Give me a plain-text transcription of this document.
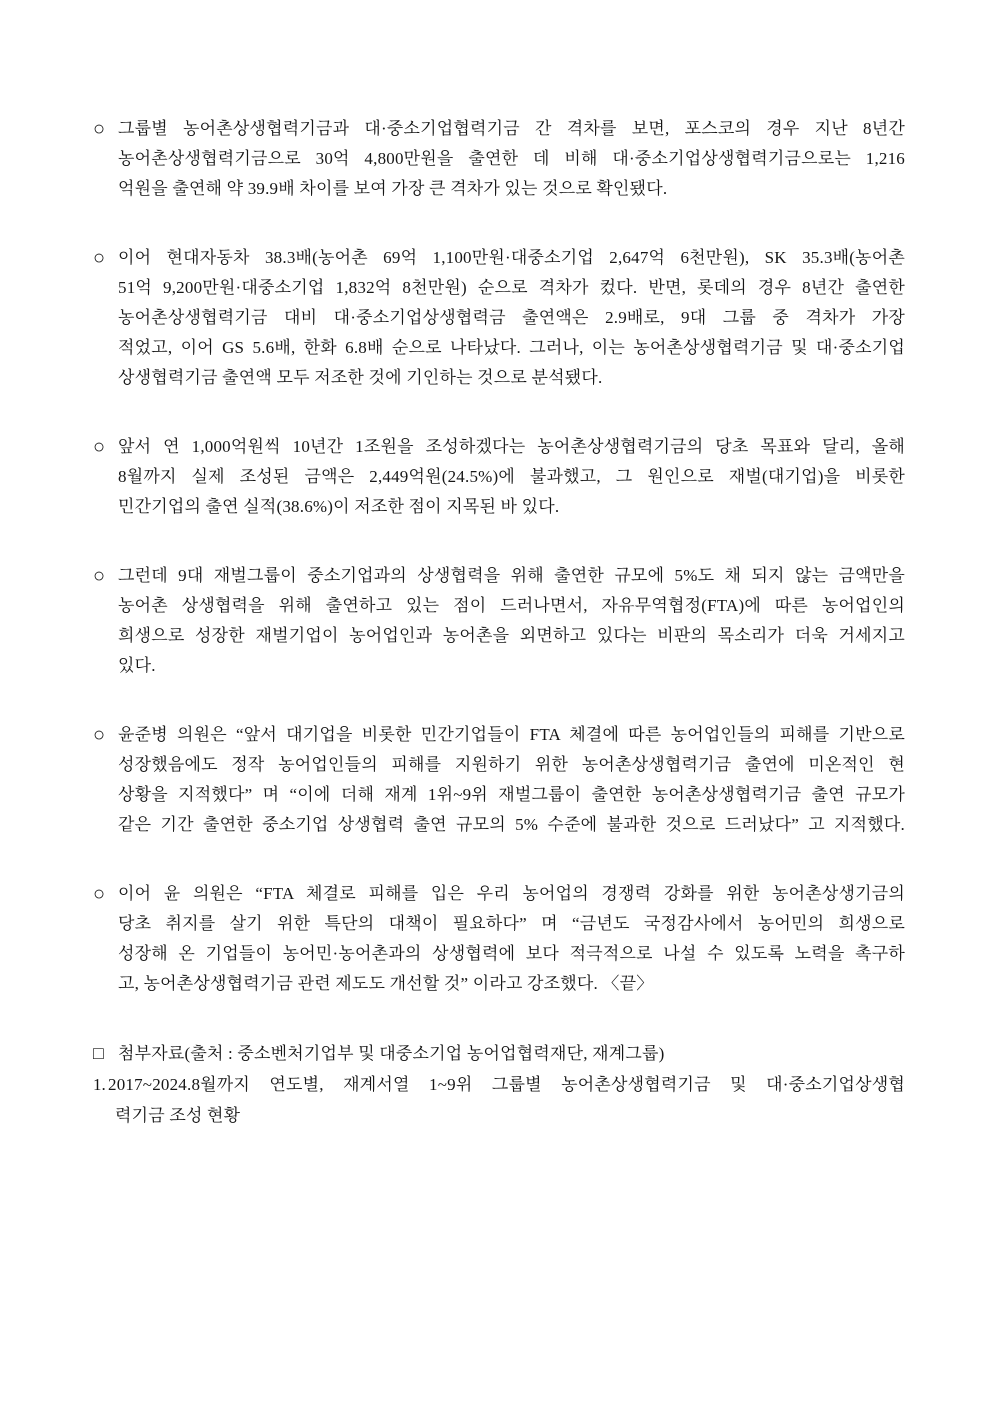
○ 그룹별 농어촌상생협력기금과 대·중소기업협력기금 간 격차를 보면, 포스코의 경우 지난 8년간
농어촌상생협력기금으로 30억 4,800만원을 출연한 데 비해 대·중소기업상생협력기금으로는 1,216
억원을 출연해 약 39.9배 차이를 보여 가장 큰 격차가 있는 것으로 확인됐다.
○ 이어 현대자동차 38.3배(농어촌 69억 1,100만원·대중소기업 2,647억 6천만원), SK 35.3배(농어촌
51억 9,200만원·대중소기업 1,832억 8천만원) 순으로 격차가 컸다. 반면, 롯데의 경우 8년간 출연한
농어촌상생협력기금 대비 대·중소기업상생협력금 출연액은 2.9배로, 9대 그룹 중 격차가 가장
적었고, 이어 GS 5.6배, 한화 6.8배 순으로 나타났다. 그러나, 이는 농어촌상생협력기금 및 대·중소기업
상생협력기금 출연액 모두 저조한 것에 기인하는 것으로 분석됐다.
○ 앞서 연 1,000억원씩 10년간 1조원을 조성하겠다는 농어촌상생협력기금의 당초 목표와 달리, 올해
8월까지 실제 조성된 금액은 2,449억원(24.5%)에 불과했고, 그 원인으로 재벌(대기업)을 비롯한
민간기업의 출연 실적(38.6%)이 저조한 점이 지목된 바 있다.
○ 그런데 9대 재벌그룹이 중소기업과의 상생협력을 위해 출연한 규모에 5%도 채 되지 않는 금액만을
농어촌 상생협력을 위해 출연하고 있는 점이 드러나면서, 자유무역협정(FTA)에 따른 농어업인의
희생으로 성장한 재벌기업이 농어업인과 농어촌을 외면하고 있다는 비판의 목소리가 더욱 거세지고
있다.
○ 윤준병 의원은 “앞서 대기업을 비롯한 민간기업들이 FTA 체결에 따른 농어업인들의 피해를 기반으로
성장했음에도 정작 농어업인들의 피해를 지원하기 위한 농어촌상생협력기금 출연에 미온적인 현
상황을 지적했다” 며 “이에 더해 재계 1위~9위 재벌그룹이 출연한 농어촌상생협력기금 출연 규모가
같은 기간 출연한 중소기업 상생협력 출연 규모의 5% 수준에 불과한 것으로 드러났다” 고 지적했다.
○ 이어 윤 의원은 “FTA 체결로 피해를 입은 우리 농어업의 경쟁력 강화를 위한 농어촌상생기금의
당초 취지를 살기 위한 특단의 대책이 필요하다” 며 “금년도 국정감사에서 농어민의 희생으로
성장해 온 기업들이 농어민·농어촌과의 상생협력에 보다 적극적으로 나설 수 있도록 노력을 촉구하
고, 농어촌상생협력기금 관련 제도도 개선할 것” 이라고 강조했다. 〈끝〉
□ 첨부자료(출처 : 중소벤처기업부 및 대중소기업 농어업협력재단, 재계그룹)
1. 2017~2024.8월까지 연도별, 재계서열 1~9위 그룹별 농어촌상생협력기금 및 대·중소기업상생협
력기금 조성 현황
